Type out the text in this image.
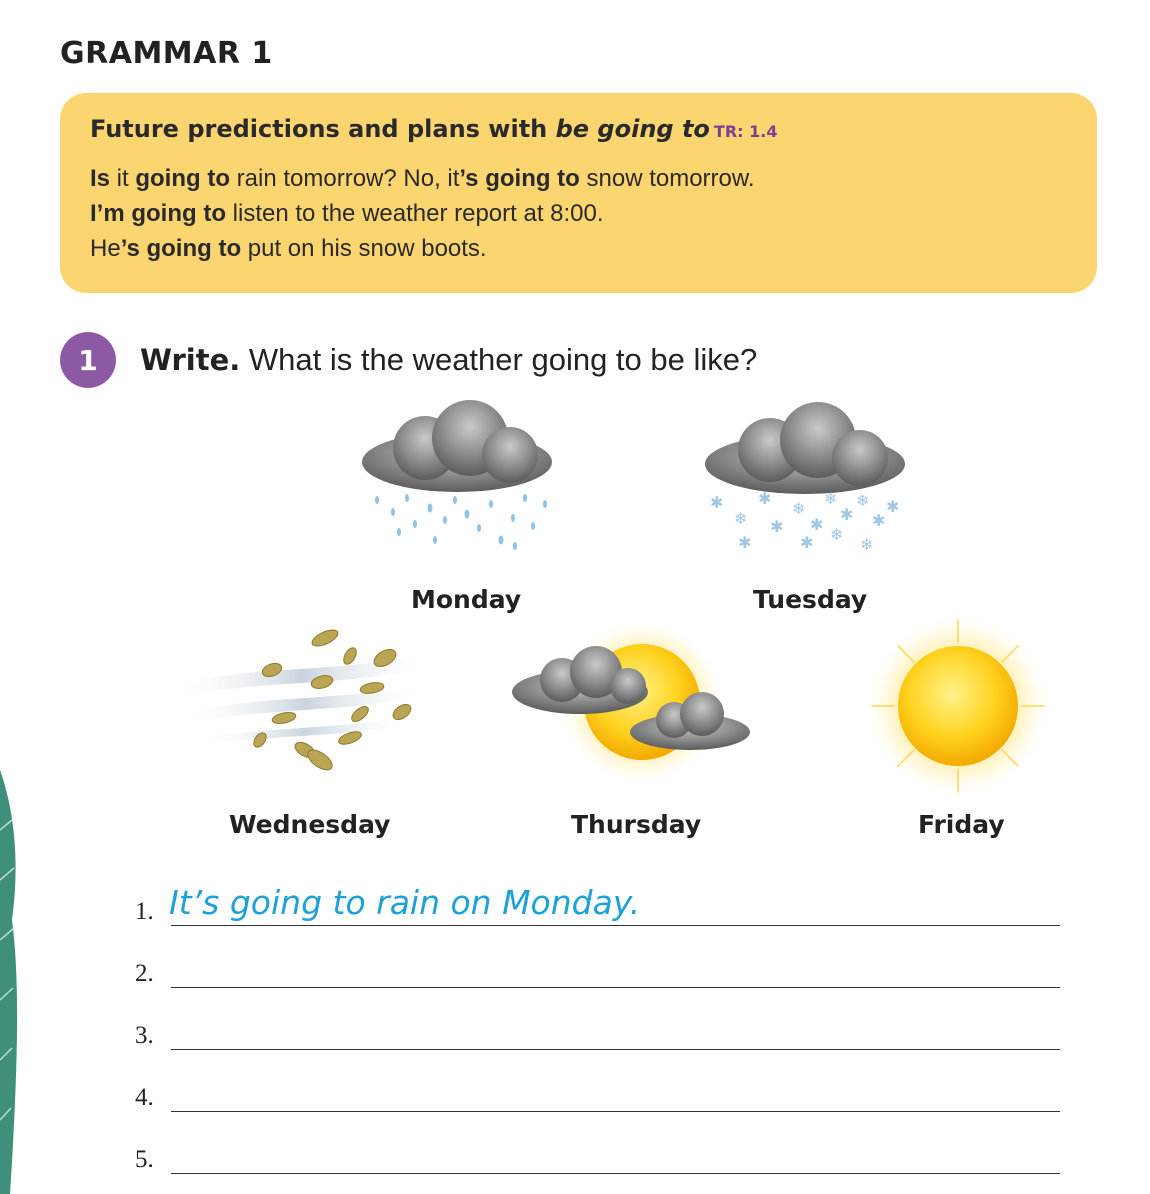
GRAMMAR 1
Future predictions and plans with be going to TR: 1.4
Is it going to rain tomorrow? No, it’s going to snow tomorrow.
I’m going to listen to the weather report at 8:00.
He’s going to put on his snow boots.
1	Write. What is the weather going to be like?
Monday
✱
❄
✱
✱
❄
✱
❄
✱
❄
✱
✱
❄
✱	✱ ❄
Tuesday
Wednesday	Thursday	Friday
1. It’s going to rain on Monday.
2.
3.
4.
5.
